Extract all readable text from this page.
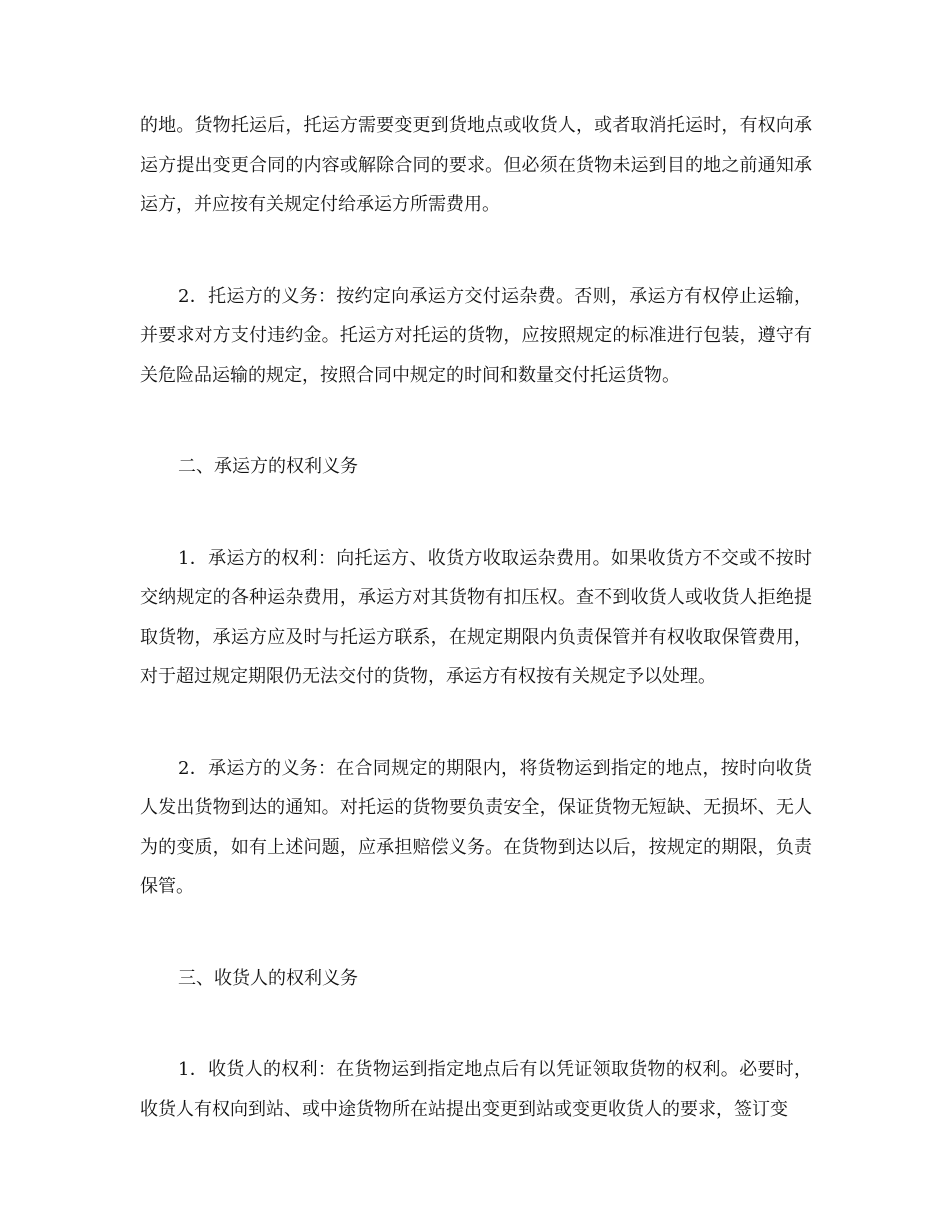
的地。货物托运后，托运方需要变更到货地点或收货人，或者取消托运时，有权向承运方提出变更合同的内容或解除合同的要求。但必须在货物未运到目的地之前通知承运方，并应按有关规定付给承运方所需费用。

2．托运方的义务：按约定向承运方交付运杂费。否则，承运方有权停止运输，并要求对方支付违约金。托运方对托运的货物，应按照规定的标准进行包装，遵守有关危险品运输的规定，按照合同中规定的时间和数量交付托运货物。

二、承运方的权利义务

1．承运方的权利：向托运方、收货方收取运杂费用。如果收货方不交或不按时交纳规定的各种运杂费用，承运方对其货物有扣压权。查不到收货人或收货人拒绝提取货物，承运方应及时与托运方联系，在规定期限内负责保管并有权收取保管费用，对于超过规定期限仍无法交付的货物，承运方有权按有关规定予以处理。

2．承运方的义务：在合同规定的期限内，将货物运到指定的地点，按时向收货人发出货物到达的通知。对托运的货物要负责安全，保证货物无短缺、无损坏、无人为的变质，如有上述问题，应承担赔偿义务。在货物到达以后，按规定的期限，负责保管。

三、收货人的权利义务

1．收货人的权利：在货物运到指定地点后有以凭证领取货物的权利。必要时，收货人有权向到站、或中途货物所在站提出变更到站或变更收货人的要求，签订变
